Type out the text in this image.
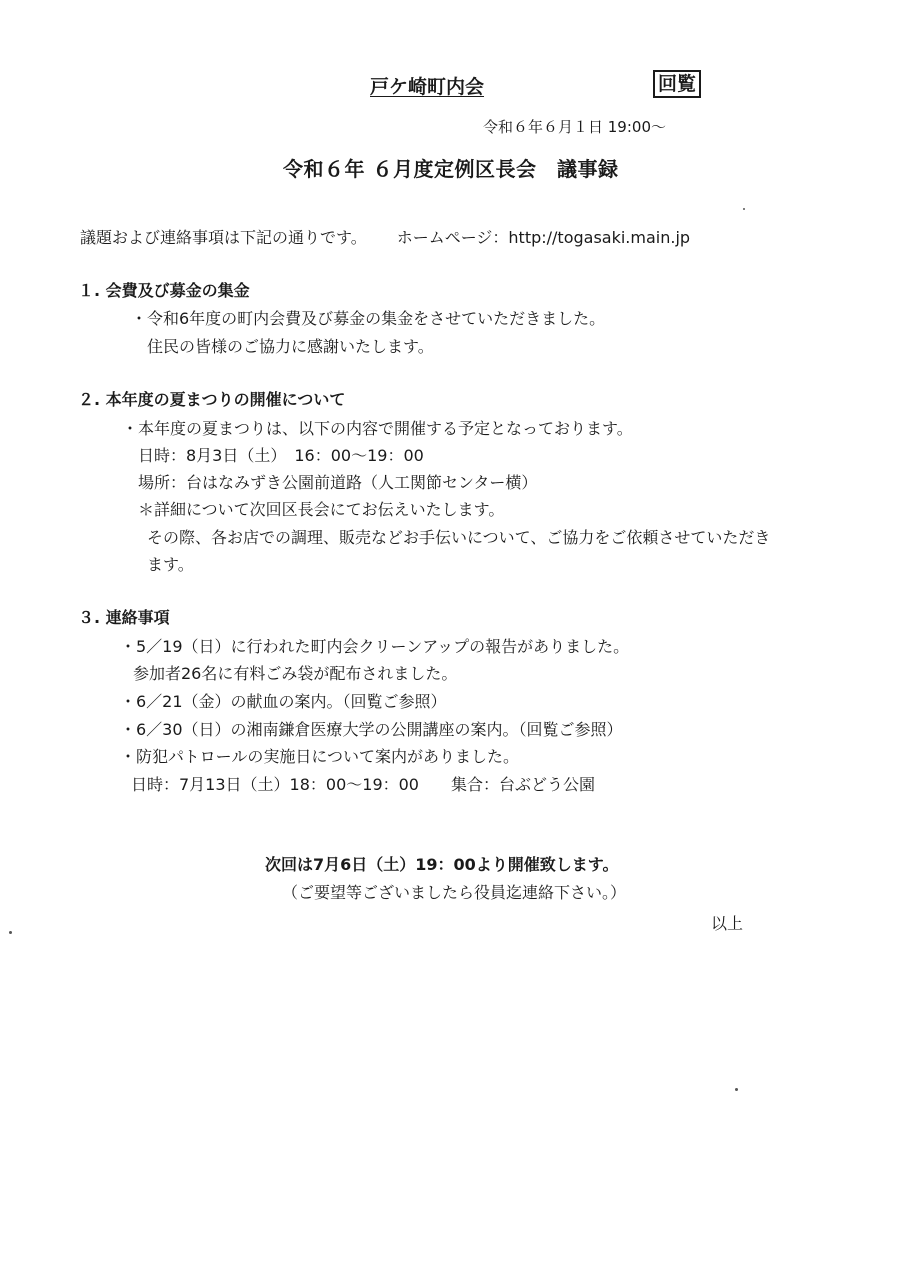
戸ケ崎町内会	回覧
令和６年６月１日 19:00～
令和６年 ６月度定例区長会　議事録
議題および連絡事項は下記の通りです。 ホームページ：http://togasaki.main.jp
１. 会費及び募金の集金
・令和6年度の町内会費及び募金の集金をさせていただきました。
住民の皆様のご協力に感謝いたします。
２. 本年度の夏まつりの開催について
・本年度の夏まつりは、以下の内容で開催する予定となっております。
日時：8月3日（土）　16：00～19：00
場所：台はなみずき公園前道路（人工関節センター横）
＊詳細について次回区長会にてお伝えいたします。
その際、各お店での調理、販売などお手伝いについて、ご協力をご依頼させていただき
ます。
３. 連絡事項
・5／19（日）に行われた町内会クリーンアップの報告がありました。
参加者26名に有料ごみ袋が配布されました。
・6／21（金）の献血の案内。（回覧ご参照）
・6／30（日）の湘南鎌倉医療大学の公開講座の案内。（回覧ご参照）
・防犯パトロールの実施日について案内がありました。
日時：7月13日（土）18：00～19：00　　集合：台ぶどう公園
次回は7月6日（土）19：00より開催致します。
（ご要望等ございましたら役員迄連絡下さい。）
以上
